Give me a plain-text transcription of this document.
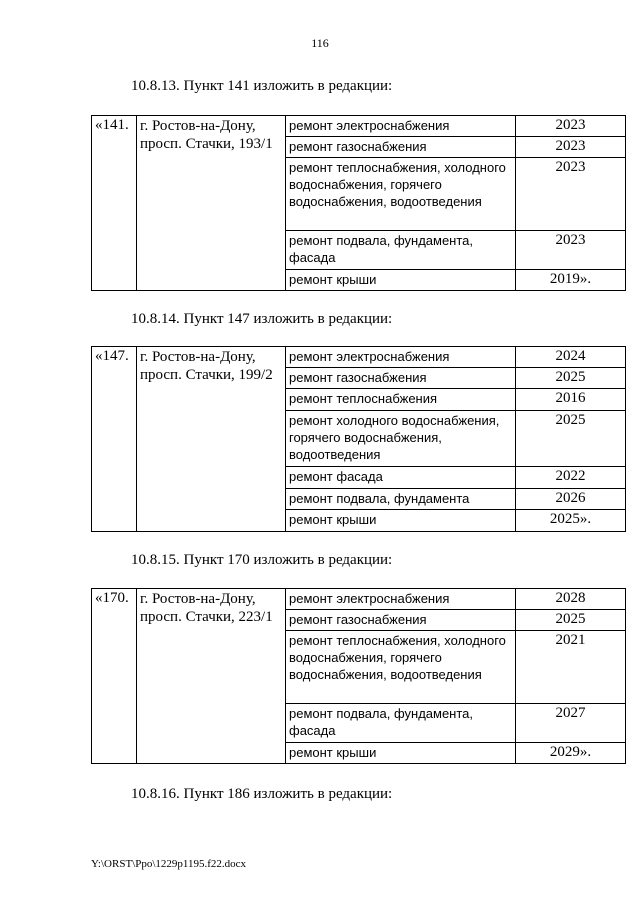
116
10.8.13. Пункт 141 изложить в редакции:
«141.	г. Ростов-на-Дону, просп. Стачки, 193/1	ремонт электроснабжения	2023
		ремонт газоснабжения	2023
		ремонт теплоснабжения, холодного водоснабжения, горячего водоснабжения, водоотведения	2023
		ремонт подвала, фундамента, фасада	2023
		ремонт крыши	2019».
10.8.14. Пункт 147 изложить в редакции:
«147.	г. Ростов-на-Дону, просп. Стачки, 199/2	ремонт электроснабжения	2024
		ремонт газоснабжения	2025
		ремонт теплоснабжения	2016
		ремонт холодного водоснабжения, горячего водоснабжения, водоотведения	2025
		ремонт фасада	2022
		ремонт подвала, фундамента	2026
		ремонт крыши	2025».
10.8.15. Пункт 170 изложить в редакции:
«170.	г. Ростов-на-Дону, просп. Стачки, 223/1	ремонт электроснабжения	2028
		ремонт газоснабжения	2025
		ремонт теплоснабжения, холодного водоснабжения, горячего водоснабжения, водоотведения	2021
		ремонт подвала, фундамента, фасада	2027
		ремонт крыши	2029».
10.8.16. Пункт 186 изложить в редакции:
Y:\ORST\Ppo\1229p1195.f22.docx
